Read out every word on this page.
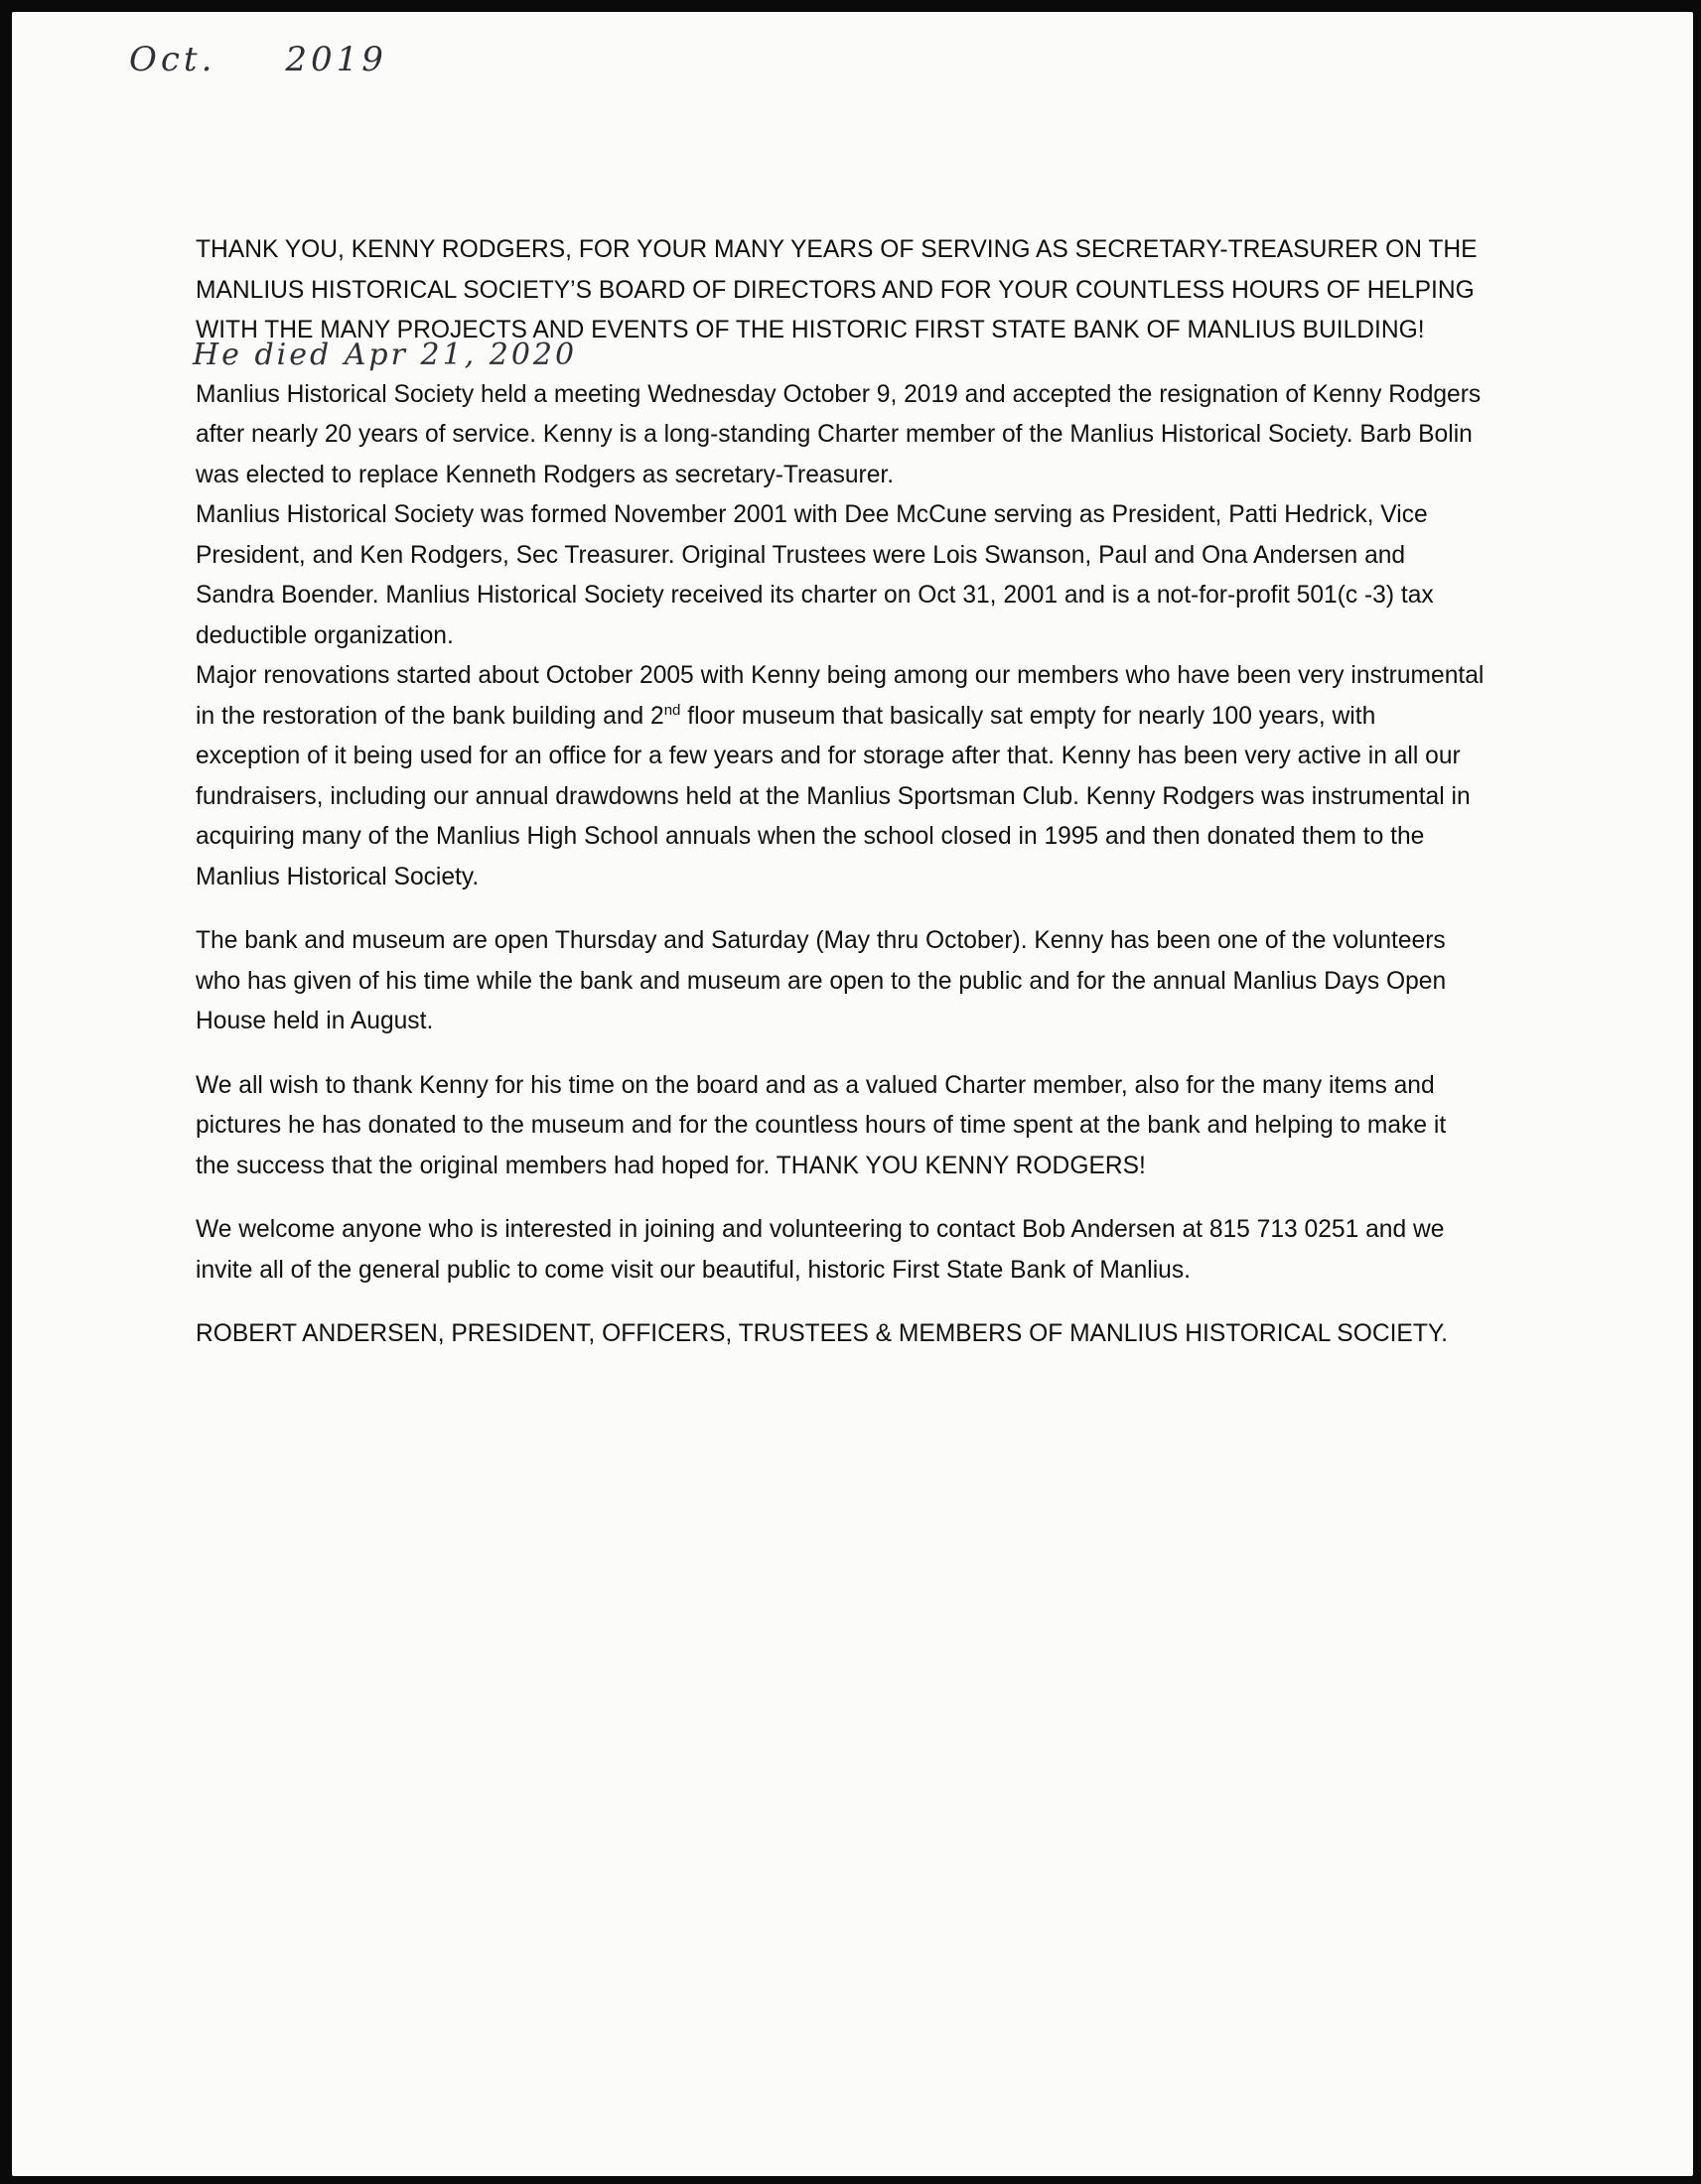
Oct. 2019
He died Apr 21, 2020

THANK YOU, KENNY RODGERS, FOR YOUR MANY YEARS OF SERVING AS SECRETARY-TREASURER ON THE MANLIUS HISTORICAL SOCIETY’S BOARD OF DIRECTORS AND FOR YOUR COUNTLESS HOURS OF HELPING WITH THE MANY PROJECTS AND EVENTS OF THE HISTORIC FIRST STATE BANK OF MANLIUS BUILDING!

Manlius Historical Society held a meeting Wednesday October 9, 2019 and accepted the resignation of Kenny Rodgers after nearly 20 years of service. Kenny is a long-standing Charter member of the Manlius Historical Society. Barb Bolin was elected to replace Kenneth Rodgers as secretary-Treasurer.

Manlius Historical Society was formed November 2001 with Dee McCune serving as President, Patti Hedrick, Vice President, and Ken Rodgers, Sec Treasurer. Original Trustees were Lois Swanson, Paul and Ona Andersen and Sandra Boender. Manlius Historical Society received its charter on Oct 31, 2001 and is a not-for-profit 501(c -3) tax deductible organization.

Major renovations started about October 2005 with Kenny being among our members who have been very instrumental in the restoration of the bank building and 2nd floor museum that basically sat empty for nearly 100 years, with exception of it being used for an office for a few years and for storage after that. Kenny has been very active in all our fundraisers, including our annual drawdowns held at the Manlius Sportsman Club. Kenny Rodgers was instrumental in acquiring many of the Manlius High School annuals when the school closed in 1995 and then donated them to the Manlius Historical Society.

The bank and museum are open Thursday and Saturday (May thru October). Kenny has been one of the volunteers who has given of his time while the bank and museum are open to the public and for the annual Manlius Days Open House held in August.

We all wish to thank Kenny for his time on the board and as a valued Charter member, also for the many items and pictures he has donated to the museum and for the countless hours of time spent at the bank and helping to make it the success that the original members had hoped for. THANK YOU KENNY RODGERS!

We welcome anyone who is interested in joining and volunteering to contact Bob Andersen at 815 713 0251 and we invite all of the general public to come visit our beautiful, historic First State Bank of Manlius.

ROBERT ANDERSEN, PRESIDENT, OFFICERS, TRUSTEES & MEMBERS OF MANLIUS HISTORICAL SOCIETY.
